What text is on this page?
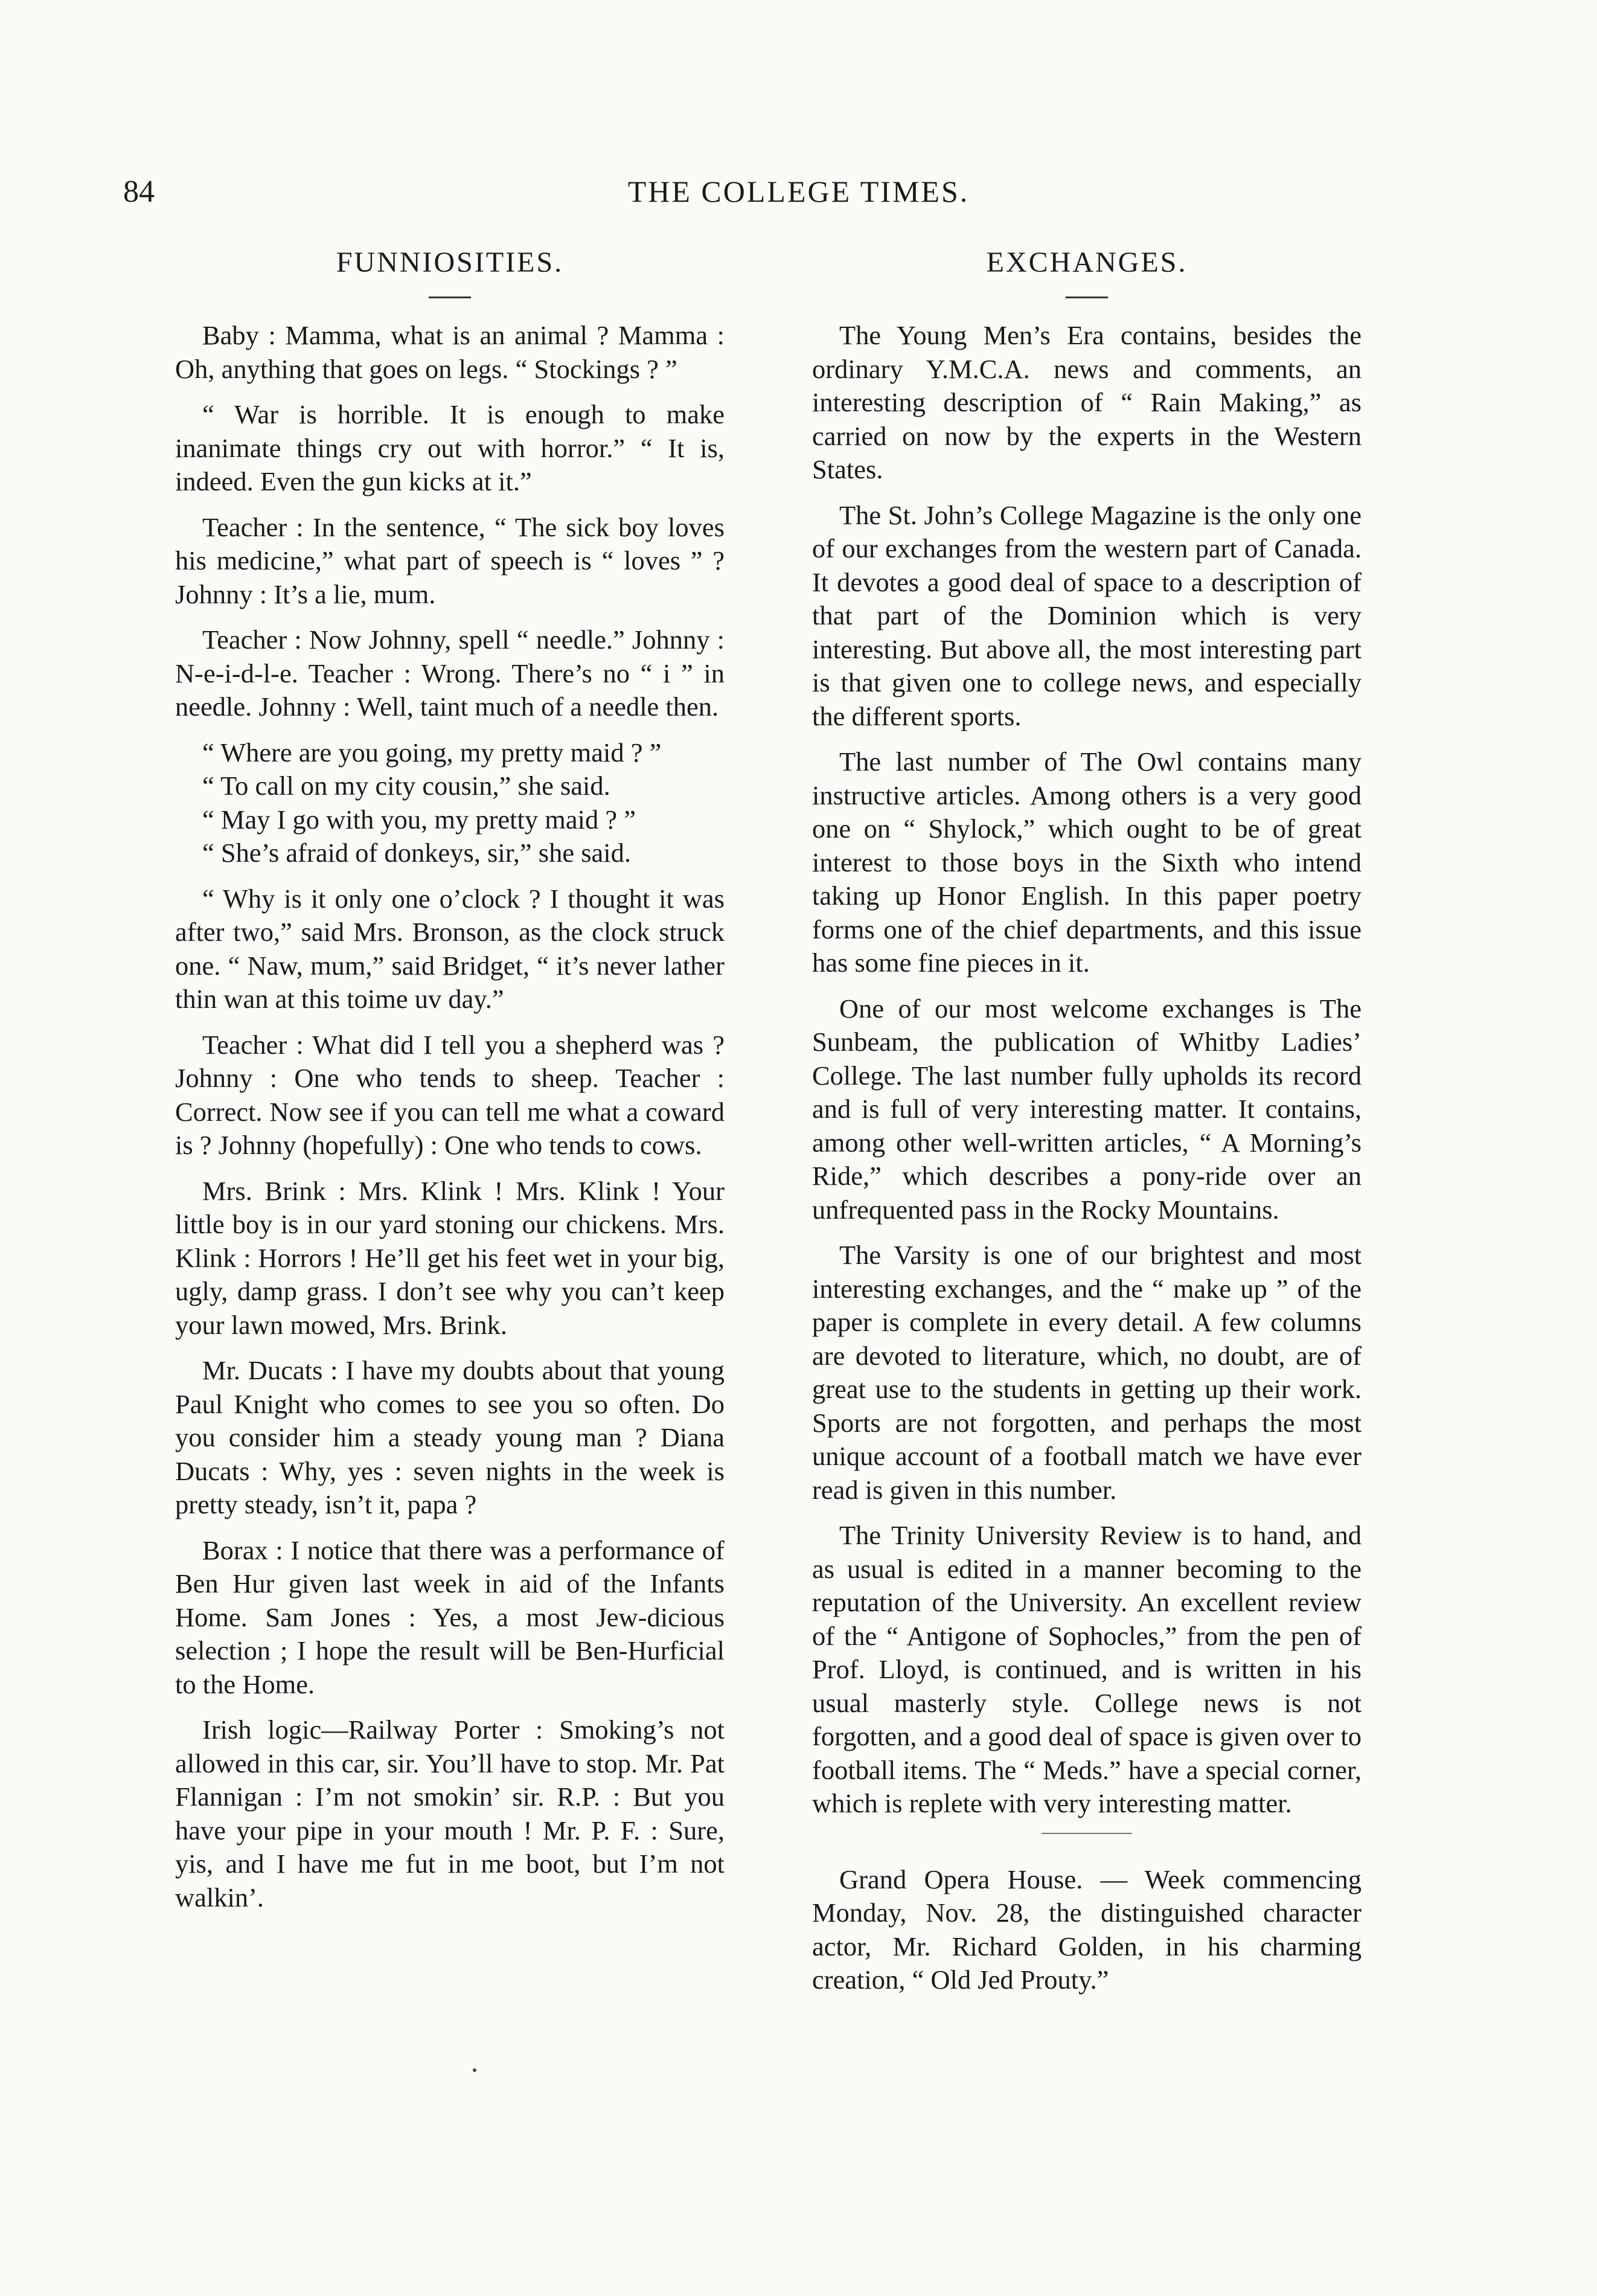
84	THE COLLEGE TIMES.
FUNNIOSITIES.

Baby : Mamma, what is an animal ? Mamma : Oh, anything that goes on legs. “ Stockings ? ”

“ War is horrible. It is enough to make inanimate things cry out with horror.” “ It is, indeed. Even the gun kicks at it.”

Teacher : In the sentence, “ The sick boy loves his medicine,” what part of speech is “ loves ” ? Johnny : It’s a lie, mum.

Teacher : Now Johnny, spell “ needle.” Johnny : N-e-i-d-l-e. Teacher : Wrong. There’s no “ i ” in needle. Johnny : Well, taint much of a needle then.

“ Where are you going, my pretty maid ? ”
“ To call on my city cousin,” she said.
“ May I go with you, my pretty maid ? ”
“ She’s afraid of donkeys, sir,” she said.

“ Why is it only one o’clock ? I thought it was after two,” said Mrs. Bronson, as the clock struck one. “ Naw, mum,” said Bridget, “ it’s never lather thin wan at this toime uv day.”

Teacher : What did I tell you a shepherd was ? Johnny : One who tends to sheep. Teacher : Correct. Now see if you can tell me what a coward is ? Johnny (hopefully) : One who tends to cows.

Mrs. Brink : Mrs. Klink ! Mrs. Klink ! Your little boy is in our yard stoning our chickens. Mrs. Klink : Horrors ! He’ll get his feet wet in your big, ugly, damp grass. I don’t see why you can’t keep your lawn mowed, Mrs. Brink.

Mr. Ducats : I have my doubts about that young Paul Knight who comes to see you so often. Do you consider him a steady young man ? Diana Ducats : Why, yes : seven nights in the week is pretty steady, isn’t it, papa ?

Borax : I notice that there was a performance of Ben Hur given last week in aid of the Infants Home. Sam Jones : Yes, a most Jew-dicious selection ; I hope the result will be Ben-Hurficial to the Home.

Irish logic—Railway Porter : Smoking’s not allowed in this car, sir. You’ll have to stop. Mr. Pat Flannigan : I’m not smokin’ sir. R.P. : But you have your pipe in your mouth ! Mr. P. F. : Sure, yis, and I have me fut in me boot, but I’m not walkin’.

EXCHANGES.

The Young Men’s Era contains, besides the ordinary Y.M.C.A. news and comments, an interesting description of “ Rain Making,” as carried on now by the experts in the Western States.

The St. John’s College Magazine is the only one of our exchanges from the western part of Canada. It devotes a good deal of space to a description of that part of the Dominion which is very interesting. But above all, the most interesting part is that given one to college news, and especially the different sports.

The last number of The Owl contains many instructive articles. Among others is a very good one on “ Shylock,” which ought to be of great interest to those boys in the Sixth who intend taking up Honor English. In this paper poetry forms one of the chief departments, and this issue has some fine pieces in it.

One of our most welcome exchanges is The Sunbeam, the publication of Whitby Ladies’ College. The last number fully upholds its record and is full of very interesting matter. It contains, among other well-written articles, “ A Morning’s Ride,” which describes a pony-ride over an unfrequented pass in the Rocky Mountains.

The Varsity is one of our brightest and most interesting exchanges, and the “ make up ” of the paper is complete in every detail. A few columns are devoted to literature, which, no doubt, are of great use to the students in getting up their work. Sports are not forgotten, and perhaps the most unique account of a football match we have ever read is given in this number.

The Trinity University Review is to hand, and as usual is edited in a manner becoming to the reputation of the University. An excellent review of the “ Antigone of Sophocles,” from the pen of Prof. Lloyd, is continued, and is written in his usual masterly style. College news is not forgotten, and a good deal of space is given over to football items. The “ Meds.” have a special corner, which is replete with very interesting matter.

Grand Opera House. — Week commencing Monday, Nov. 28, the distinguished character actor, Mr. Richard Golden, in his charming creation, “ Old Jed Prouty.”
